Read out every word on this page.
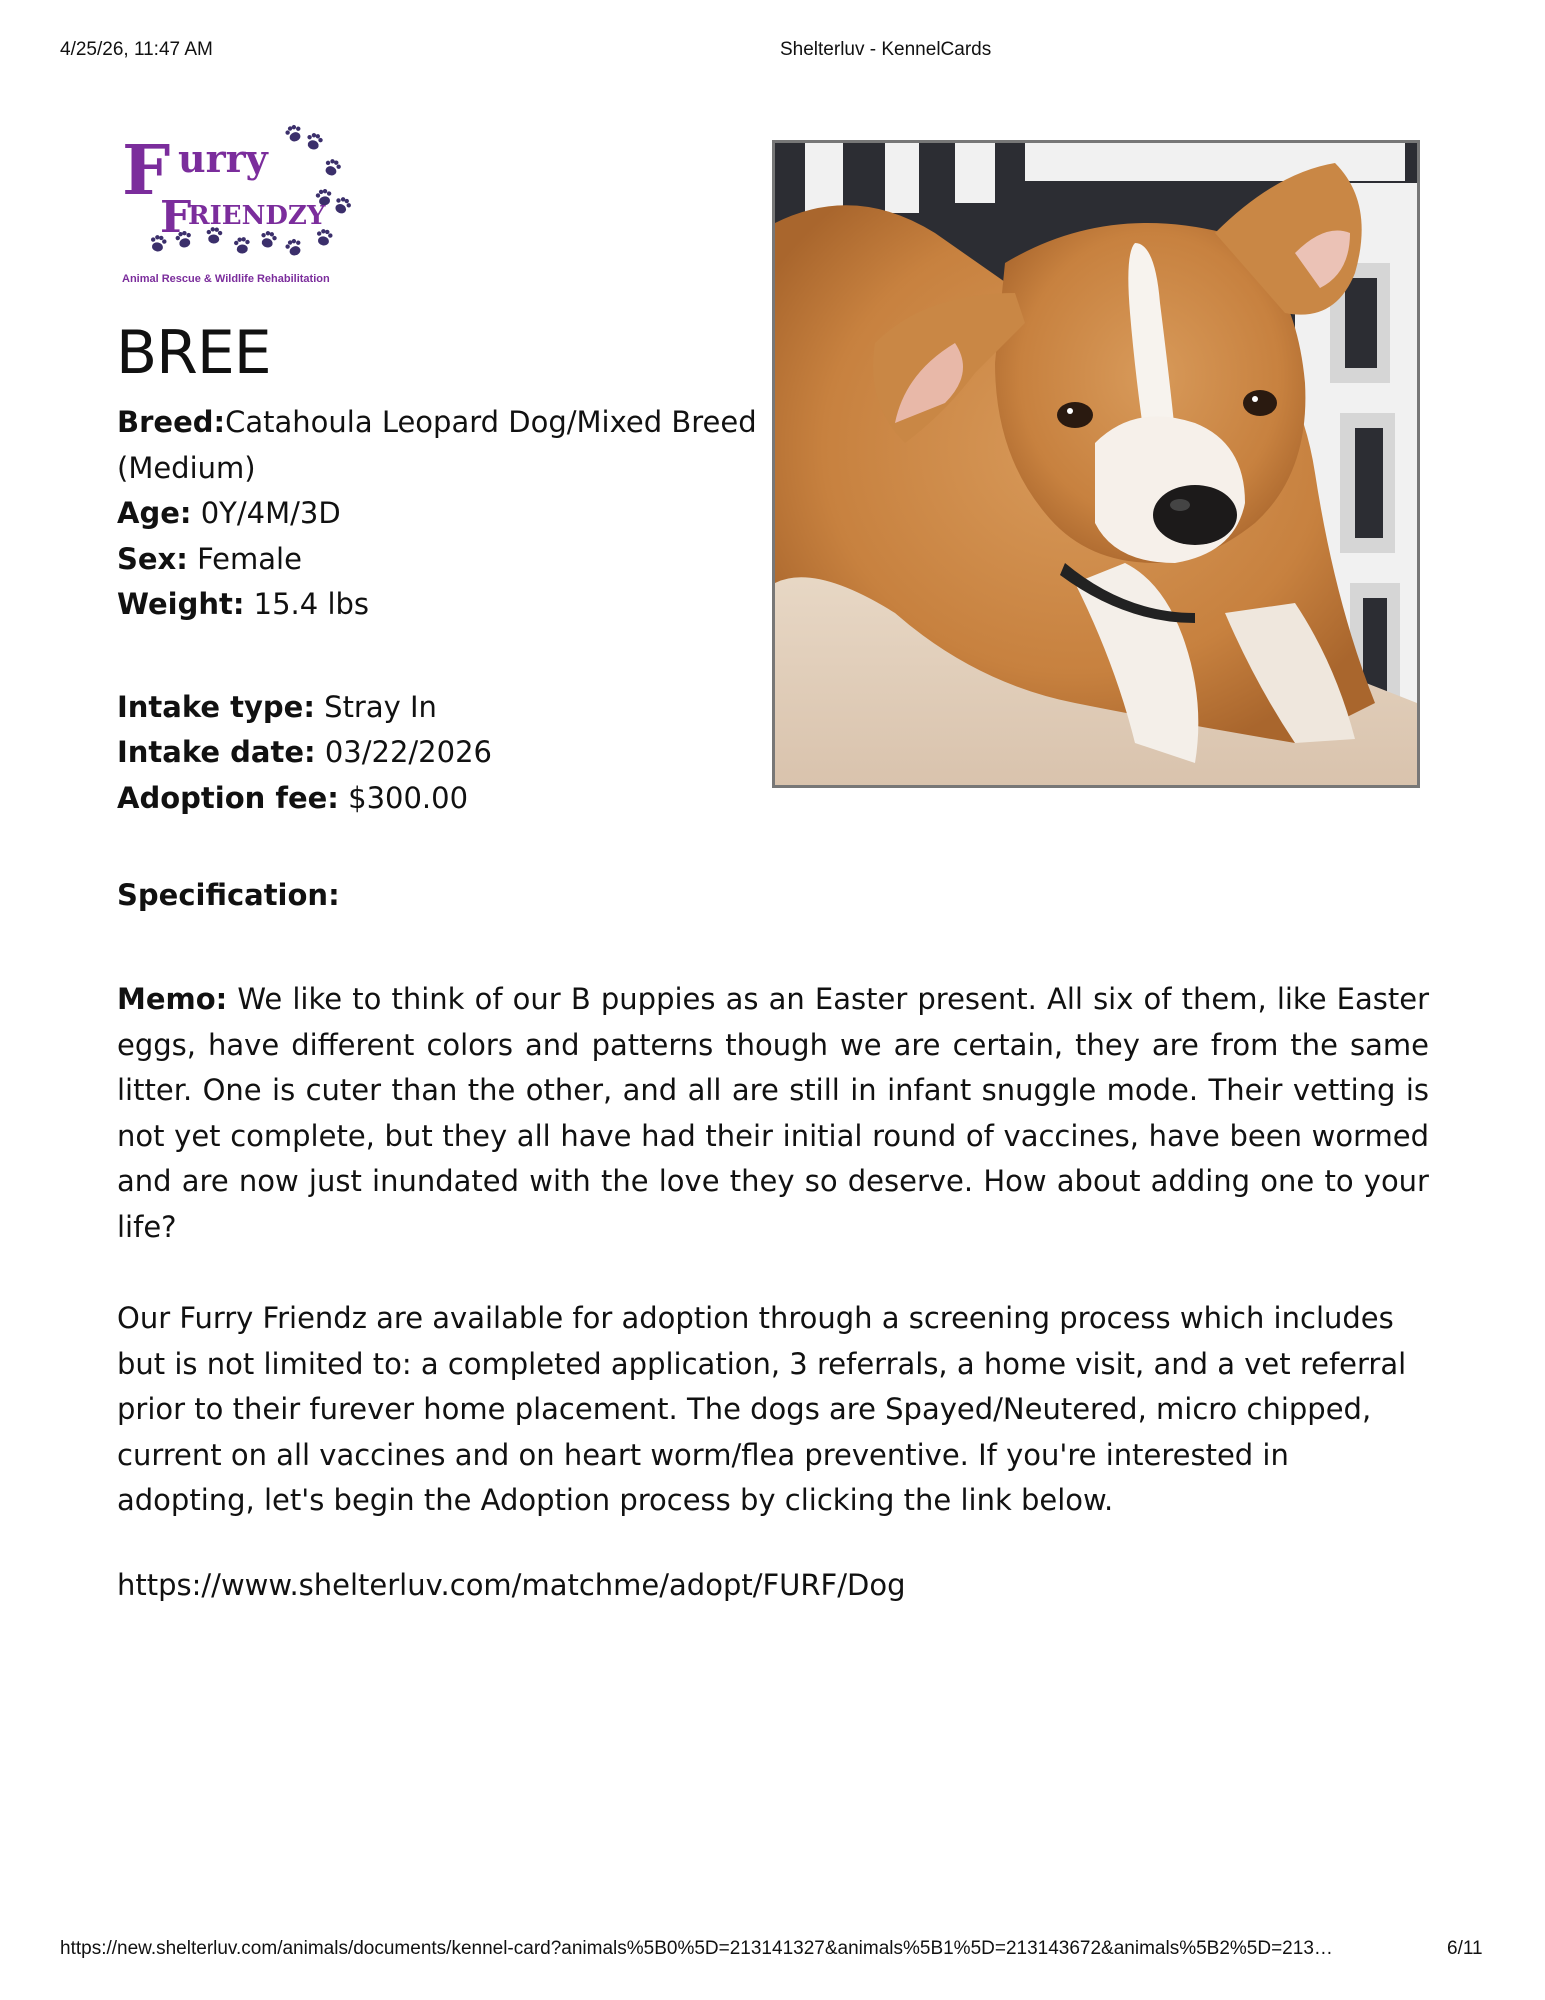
4/25/26, 11:47 AM	Shelterluv - KennelCards
F urry
F
RIENDZY
Animal Rescue & Wildlife Rehabilitation
BREE
Breed:Catahoula Leopard Dog/Mixed Breed (Medium)
Age: 0Y/4M/3D
Sex: Female
Weight: 15.4 lbs
Intake type: Stray In
Intake date: 03/22/2026
Adoption fee: $300.00
Specification:
Memo: We like to think of our B puppies as an Easter present. All six of them, like Easter eggs, have different colors and patterns though we are certain, they are from the same litter. One is cuter than the other, and all are still in infant snuggle mode. Their vetting is not yet complete, but they all have had their initial round of vaccines, have been wormed and are now just inundated with the love they so deserve. How about adding one to your life?
Our Furry Friendz are available for adoption through a screening process which includes but is not limited to: a completed application, 3 referrals, a home visit, and a vet referral prior to their furever home placement. The dogs are Spayed/Neutered, micro chipped, current on all vaccines and on heart worm/flea preventive. If you're interested in adopting, let's begin the Adoption process by clicking the link below.
https://www.shelterluv.com/matchme/adopt/FURF/Dog
https://new.shelterluv.com/animals/documents/kennel-card?animals%5B0%5D=213141327&animals%5B1%5D=213143672&animals%5B2%5D=213…	6/11
